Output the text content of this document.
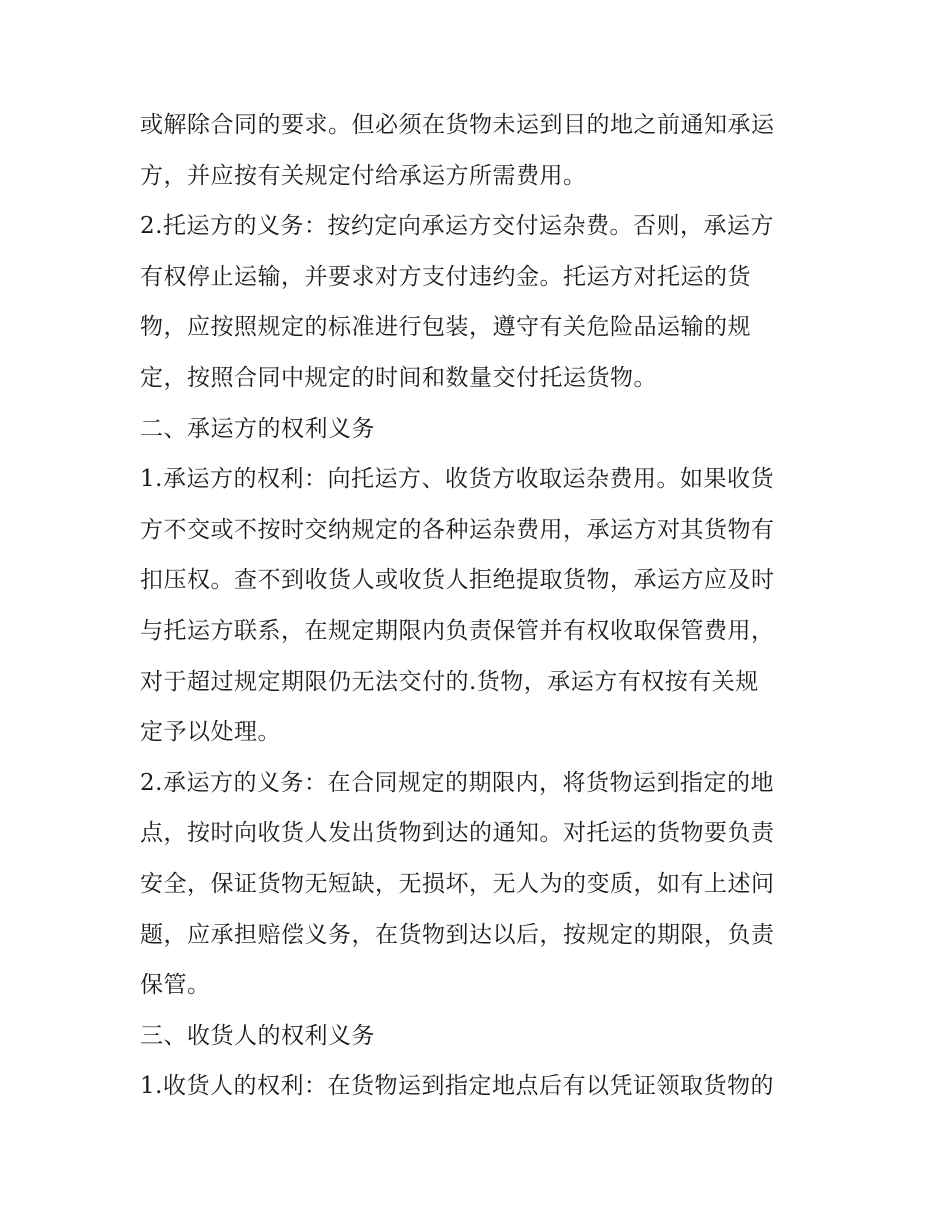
或解除合同的要求。但必须在货物未运到目的地之前通知承运
方，并应按有关规定付给承运方所需费用。
2.托运方的义务：按约定向承运方交付运杂费。否则，承运方
有权停止运输，并要求对方支付违约金。托运方对托运的货
物，应按照规定的标准进行包装，遵守有关危险品运输的规
定，按照合同中规定的时间和数量交付托运货物。
二、承运方的权利义务
1.承运方的权利：向托运方、收货方收取运杂费用。如果收货
方不交或不按时交纳规定的各种运杂费用，承运方对其货物有
扣压权。查不到收货人或收货人拒绝提取货物，承运方应及时
与托运方联系，在规定期限内负责保管并有权收取保管费用，
对于超过规定期限仍无法交付的.货物，承运方有权按有关规
定予以处理。
2.承运方的义务：在合同规定的期限内，将货物运到指定的地
点，按时向收货人发出货物到达的通知。对托运的货物要负责
安全，保证货物无短缺，无损坏，无人为的变质，如有上述问
题，应承担赔偿义务，在货物到达以后，按规定的期限，负责
保管。
三、收货人的权利义务
1.收货人的权利：在货物运到指定地点后有以凭证领取货物的
